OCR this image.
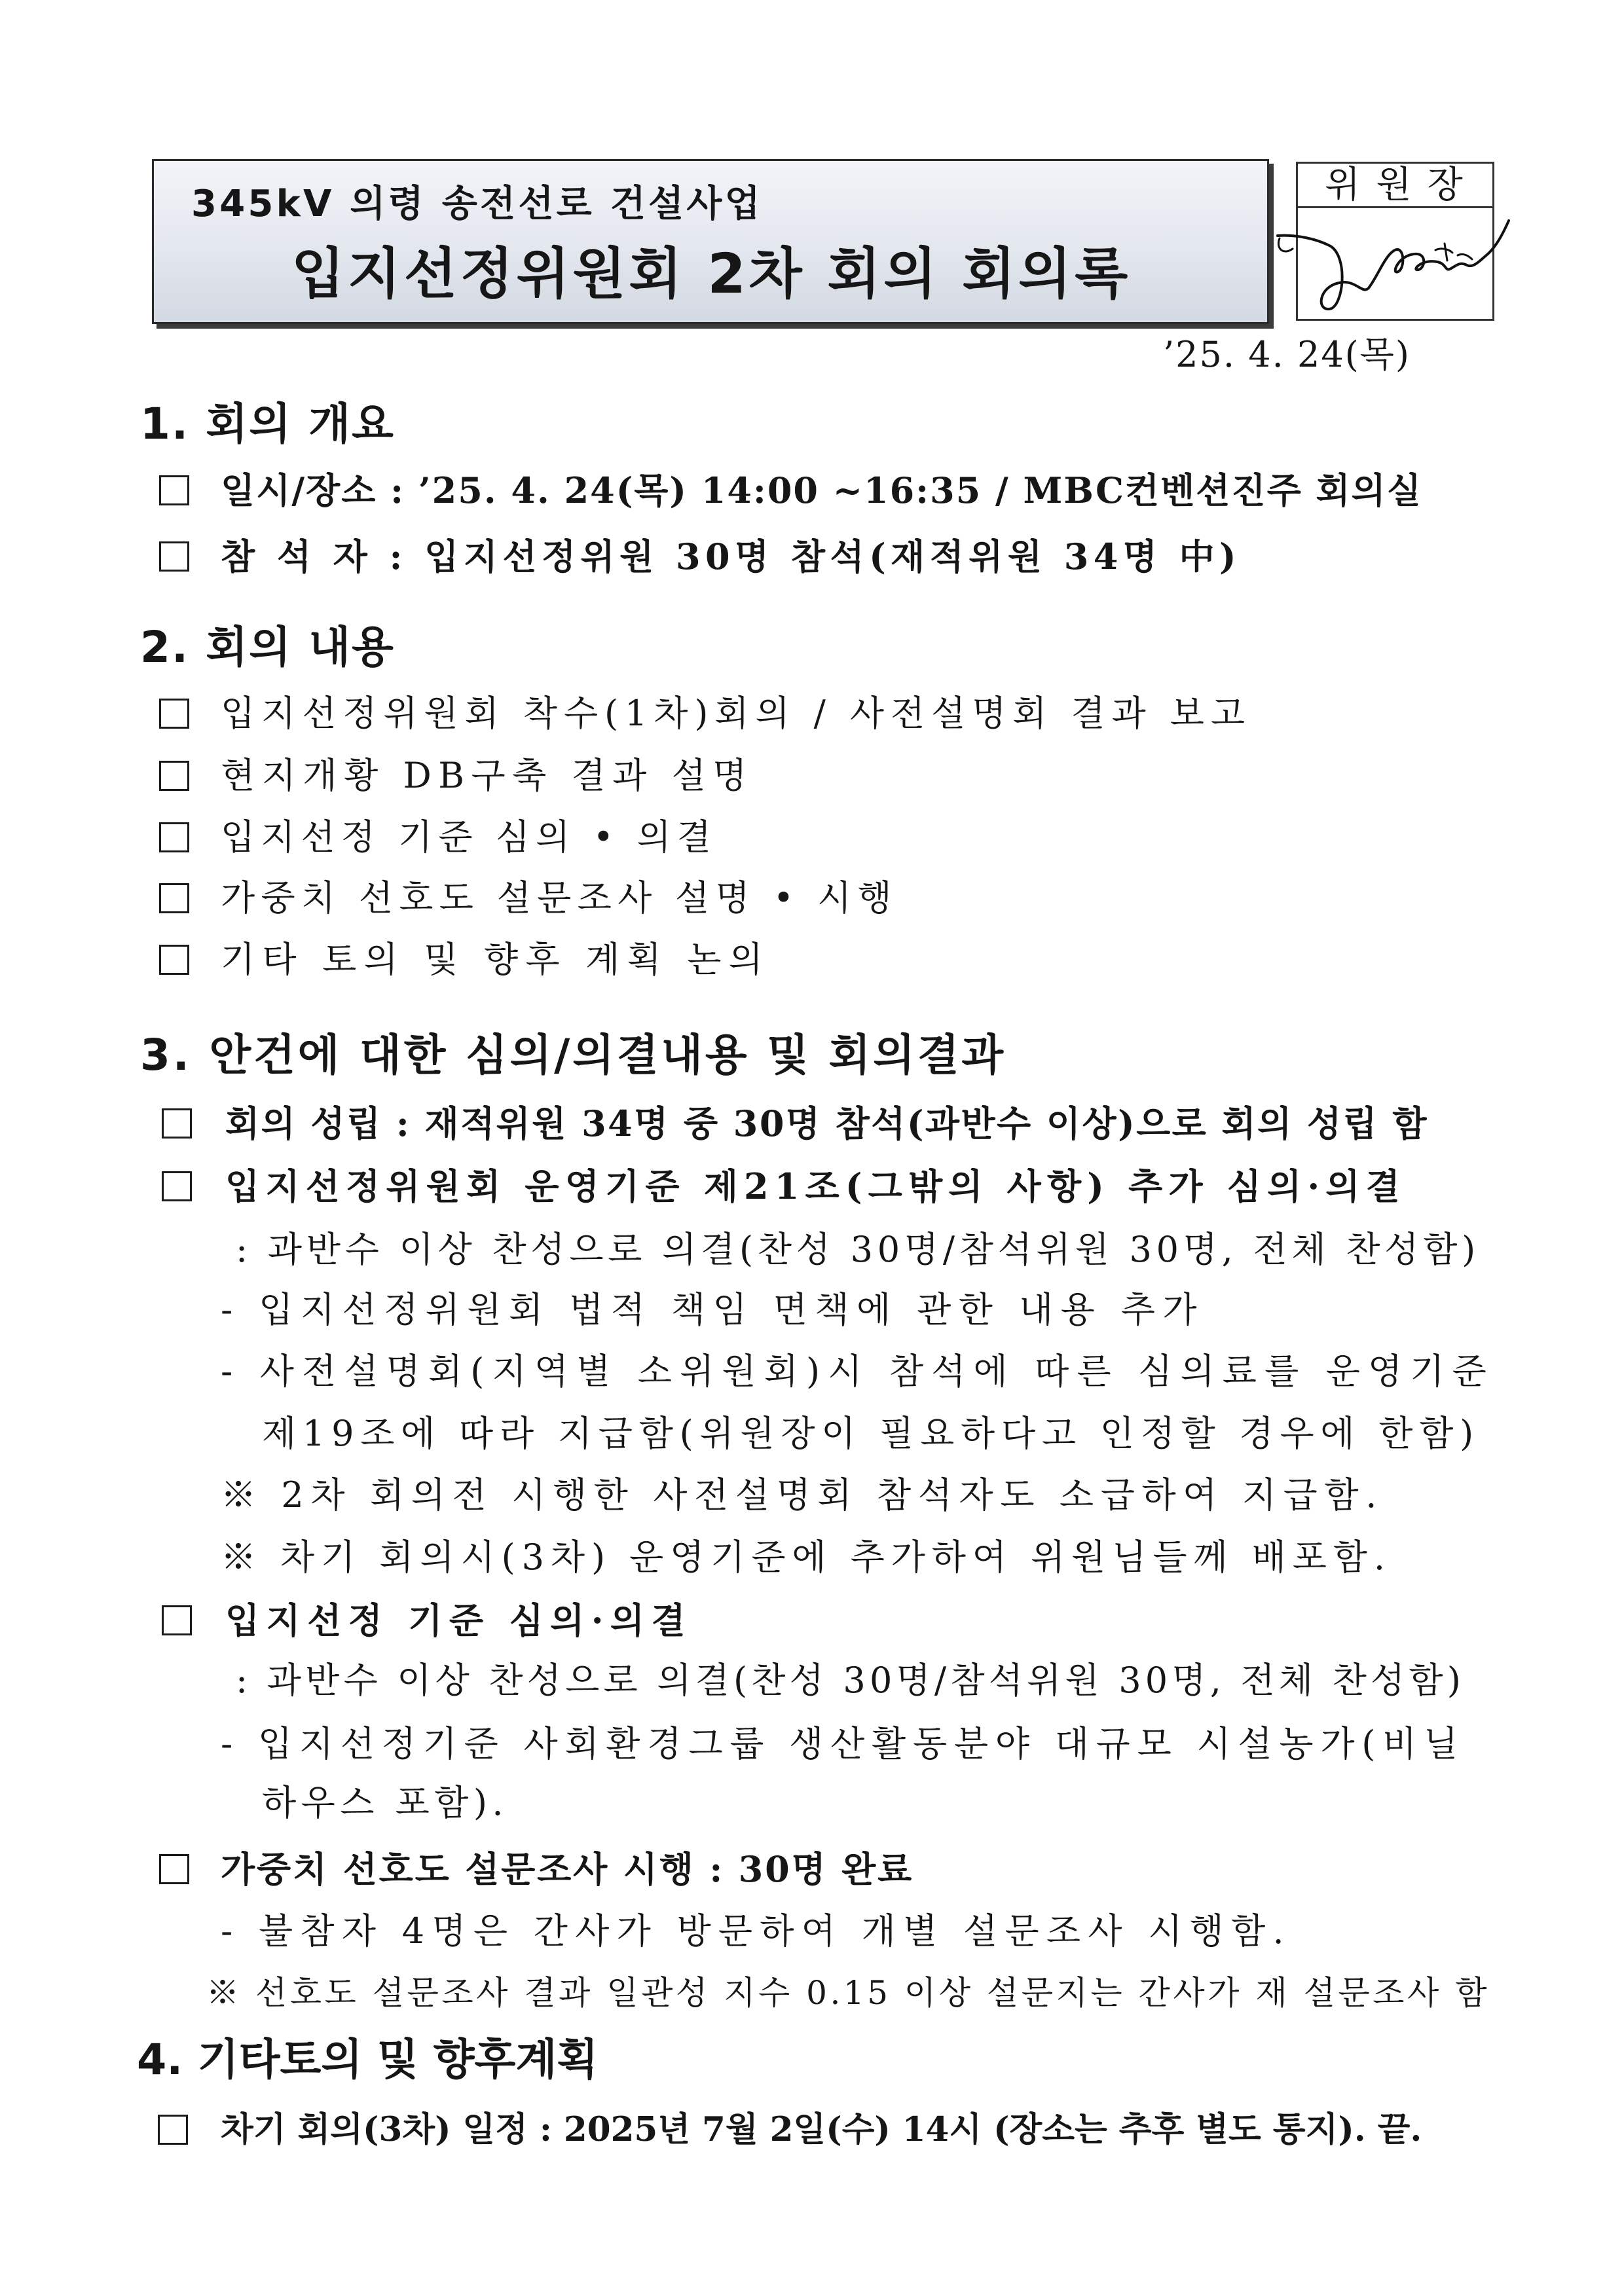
345kV 의령 송전선로 건설사업
입지선정위원회 2차 회의 회의록
위 원 장
’25. 4. 24(목)
1. 회의 개요
일시/장소 : ’25. 4. 24(목) 14:00 ~16:35 / MBC컨벤션진주 회의실
참 석 자 : 입지선정위원 30명 참석(재적위원 34명 中)
2. 회의 내용
입지선정위원회 착수(1차)회의 / 사전설명회 결과 보고
현지개황 DB구축 결과 설명
입지선정 기준 심의 • 의결
가중치 선호도 설문조사 설명 • 시행
기타 토의 및 향후 계획 논의
3. 안건에 대한 심의/의결내용 및 회의결과
회의 성립 : 재적위원 34명 중 30명 참석(과반수 이상)으로 회의 성립 함
입지선정위원회 운영기준 제21조(그밖의 사항) 추가 심의·의결
: 과반수 이상 찬성으로 의결(찬성 30명/참석위원 30명, 전체 찬성함)
- 입지선정위원회 법적 책임 면책에 관한 내용 추가
- 사전설명회(지역별 소위원회)시 참석에 따른 심의료를 운영기준
제19조에 따라 지급함(위원장이 필요하다고 인정할 경우에 한함)
※ 2차 회의전 시행한 사전설명회 참석자도 소급하여 지급함.
※ 차기 회의시(3차) 운영기준에 추가하여 위원님들께 배포함.
입지선정 기준 심의·의결
: 과반수 이상 찬성으로 의결(찬성 30명/참석위원 30명, 전체 찬성함)
- 입지선정기준 사회환경그룹 생산활동분야 대규모 시설농가(비닐
하우스 포함).
가중치 선호도 설문조사 시행 : 30명 완료
- 불참자 4명은 간사가 방문하여 개별 설문조사 시행함.
※ 선호도 설문조사 결과 일관성 지수 0.15 이상 설문지는 간사가 재 설문조사 함
4. 기타토의 및 향후계획
차기 회의(3차) 일정 : 2025년 7월 2일(수) 14시 (장소는 추후 별도 통지). 끝.
